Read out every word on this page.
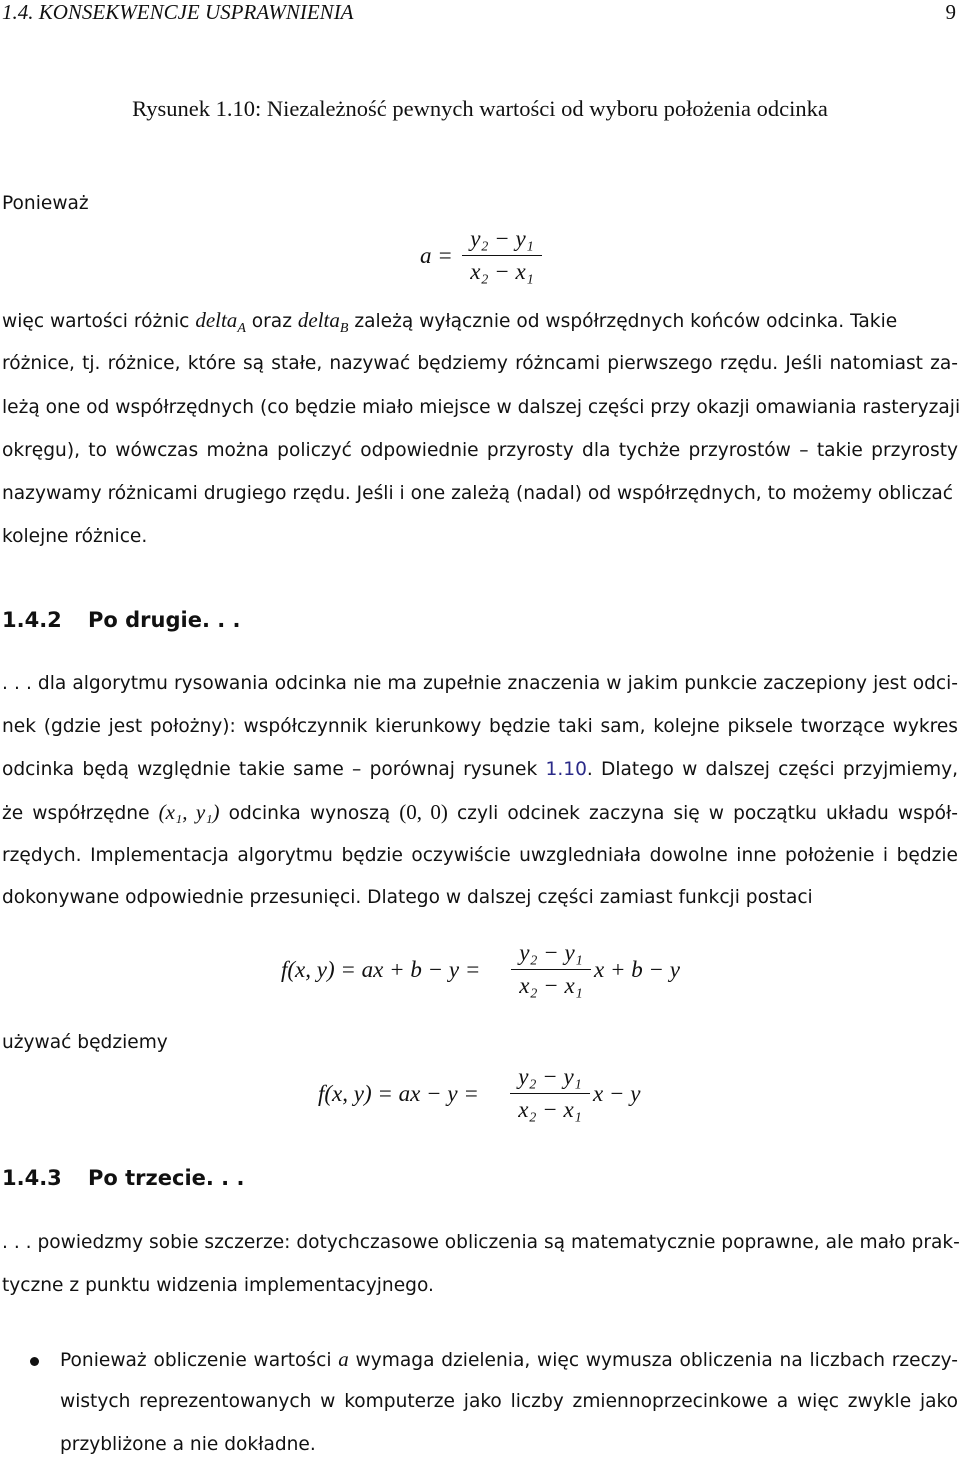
1.4. KONSEKWENCJE USPRAWNIENIA	9
Rysunek 1.10: Niezależność pewnych wartości od wyboru położenia odcinka
Ponieważ
a =
y₂ − y₁
x₂ − x₁
więc wartości różnic delta$_A$ oraz delta$_B$ zależą wyłącznie od współrzędnych końców odcinka. Takie
różnice, tj. różnice, które są stałe, nazywać będziemy różncami pierwszego rzędu. Jeśli natomiast za-
leżą one od współrzędnych (co będzie miało miejsce w dalszej części przy okazji omawiania rasteryzaji
okręgu), to wówczas można policzyć odpowiednie przyrosty dla tychże przyrostów – takie przyrosty
nazywamy różnicami drugiego rzędu. Jeśli i one zależą (nadal) od współrzędnych, to możemy obliczać
kolejne różnice.
1.4.2 Po drugie. . .
. . . dla algorytmu rysowania odcinka nie ma zupełnie znaczenia w jakim punkcie zaczepiony jest odci-
nek (gdzie jest położny): współczynnik kierunkowy będzie taki sam, kolejne piksele tworzące wykres
odcinka będą względnie takie same – porównaj rysunek 1.10. Dlatego w dalszej części przyjmiemy,
że współrzędne (x₁, y₁) odcinka wynoszą (0, 0) czyli odcinek zaczyna się w początku układu współ-
rzędych. Implementacja algorytmu będzie oczywiście uwzgledniała dowolne inne położenie i będzie
dokonywane odpowiednie przesunięci. Dlatego w dalszej części zamiast funkcji postaci
f(x, y) = ax + b − y =
y₂ − y₁
x₂ − x₁
x + b − y
używać będziemy
f(x, y) = ax − y =
y₂ − y₁
x₂ − x₁
x − y
1.4.3 Po trzecie. . .
. . . powiedzmy sobie szczerze: dotychczasowe obliczenia są matematycznie poprawne, ale mało prak-
tyczne z punktu widzenia implementacyjnego.
Ponieważ obliczenie wartości a wymaga dzielenia, więc wymusza obliczenia na liczbach rzeczy-
wistych reprezentowanych w komputerze jako liczby zmiennoprzecinkowe a więc zwykle jako
przybliżone a nie dokładne.
